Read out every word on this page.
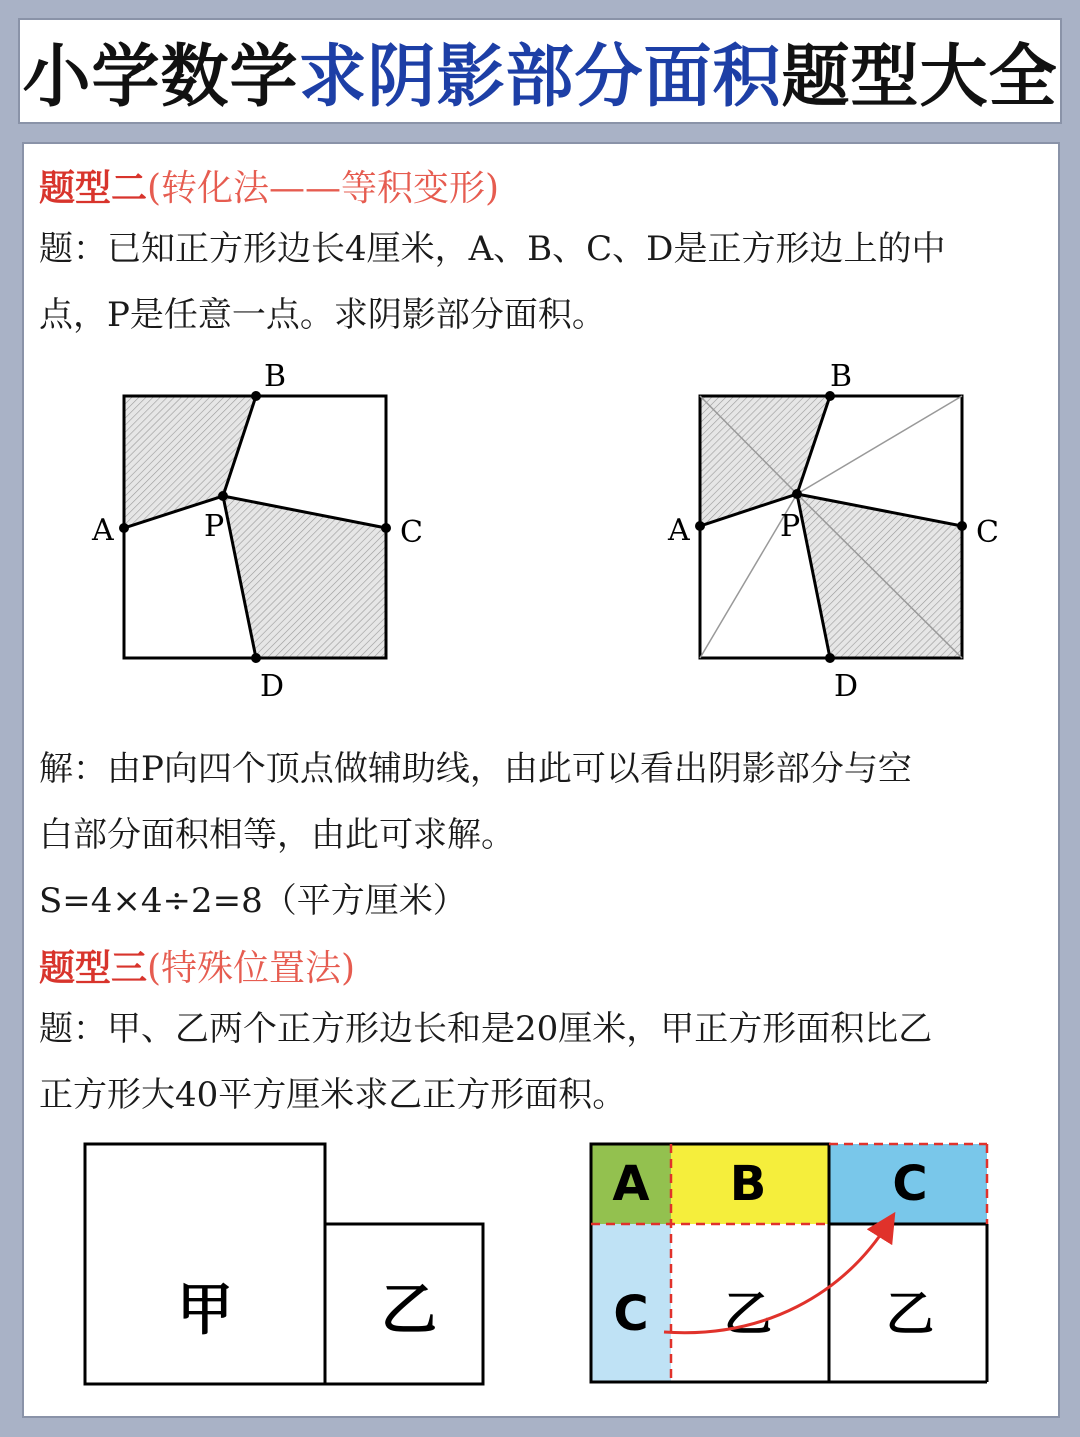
小学数学 求阴影部分面积 题型大全
题型二(转化法——等积变形)
题：已知正方形边长4厘米，A、B、C、D是正方形边上的中
点，P是任意一点。求阴影部分面积。
B
A	C
D
P
B
A	C
D
P
解：由P向四个顶点做辅助线，由此可以看出阴影部分与空
白部分面积相等，由此可求解。
S=4×4÷2=8（平方厘米）
题型三(特殊位置法)
题：甲、乙两个正方形边长和是20厘米，甲正方形面积比乙
正方形大40平方厘米求乙正方形面积。
甲	乙
A B	C
C 乙 乙
